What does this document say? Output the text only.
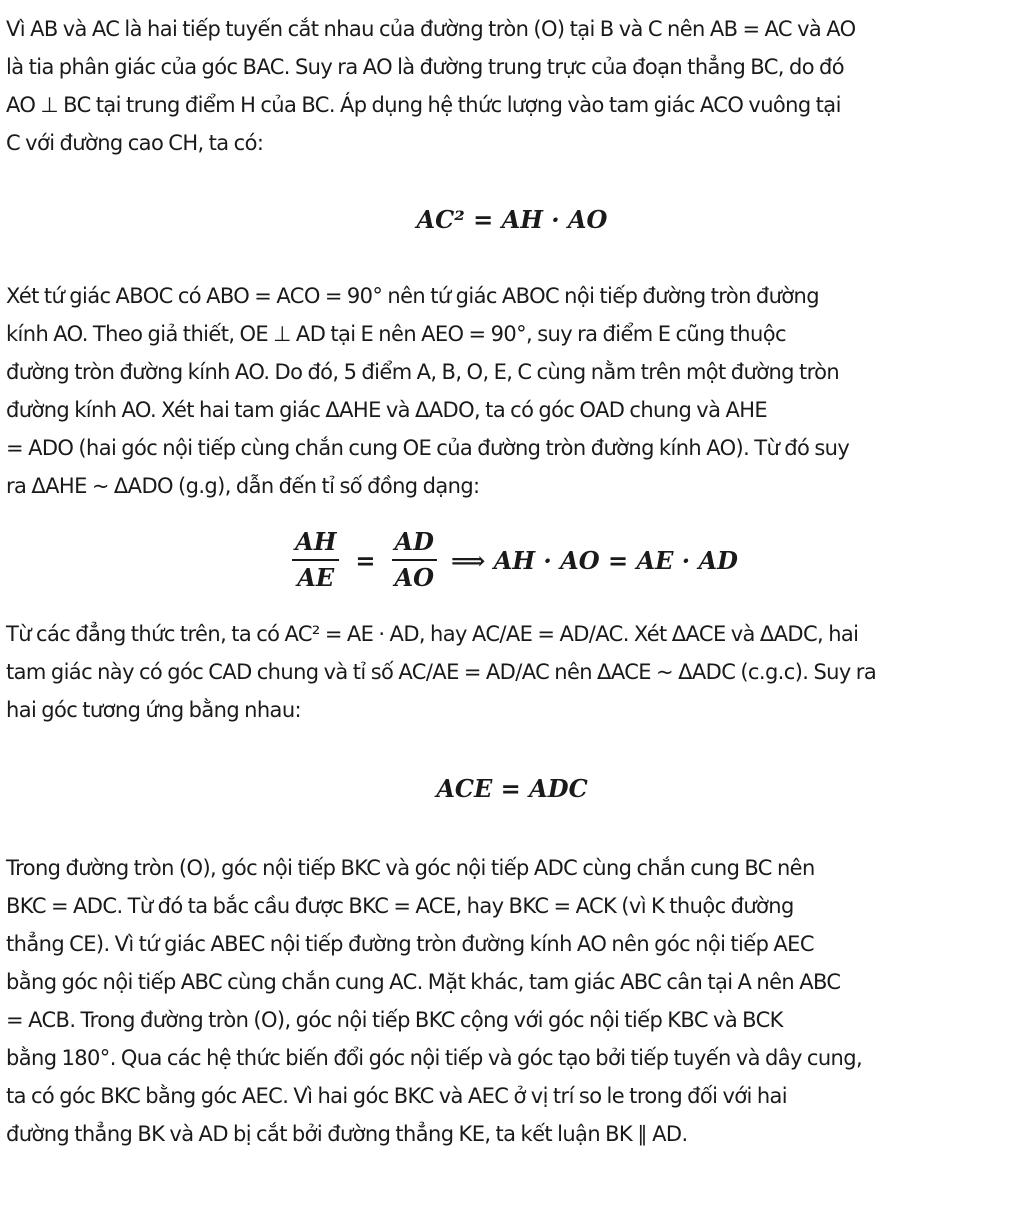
Vì AB và AC là hai tiếp tuyến cắt nhau của đường tròn (O) tại B và C nên AB = AC và AO
là tia phân giác của góc BAC. Suy ra AO là đường trung trực của đoạn thẳng BC, do đó
AO ⊥ BC tại trung điểm H của BC. Áp dụng hệ thức lượng vào tam giác ACO vuông tại
C với đường cao CH, ta có:

AC² = AH · AO

Xét tứ giác ABOC có ABO = ACO = 90° nên tứ giác ABOC nội tiếp đường tròn đường
kính AO. Theo giả thiết, OE ⊥ AD tại E nên AEO = 90°, suy ra điểm E cũng thuộc
đường tròn đường kính AO. Do đó, 5 điểm A, B, O, E, C cùng nằm trên một đường tròn
đường kính AO. Xét hai tam giác ΔAHE và ΔADO, ta có góc OAD chung và AHE
= ADO (hai góc nội tiếp cùng chắn cung OE của đường tròn đường kính AO). Từ đó suy
ra ΔAHE ~ ΔADO (g.g), dẫn đến tỉ số đồng dạng:

$\frac{AH}{AE} = \frac{AD}{AO}$ ⟹ AH · AO = AE · AD

Từ các đẳng thức trên, ta có AC² = AE · AD, hay AC/AE = AD/AC. Xét ΔACE và ΔADC, hai
tam giác này có góc CAD chung và tỉ số AC/AE = AD/AC nên ΔACE ~ ΔADC (c.g.c). Suy ra
hai góc tương ứng bằng nhau:

ACE = ADC

Trong đường tròn (O), góc nội tiếp BKC và góc nội tiếp ADC cùng chắn cung BC nên
BKC = ADC. Từ đó ta bắc cầu được BKC = ACE, hay BKC = ACK (vì K thuộc đường
thẳng CE). Vì tứ giác ABEC nội tiếp đường tròn đường kính AO nên góc nội tiếp AEC
bằng góc nội tiếp ABC cùng chắn cung AC. Mặt khác, tam giác ABC cân tại A nên ABC
= ACB. Trong đường tròn (O), góc nội tiếp BKC cộng với góc nội tiếp KBC và BCK
bằng 180°. Qua các hệ thức biến đổi góc nội tiếp và góc tạo bởi tiếp tuyến và dây cung,
ta có góc BKC bằng góc AEC. Vì hai góc BKC và AEC ở vị trí so le trong đối với hai
đường thẳng BK và AD bị cắt bởi đường thẳng KE, ta kết luận BK ∥ AD.
